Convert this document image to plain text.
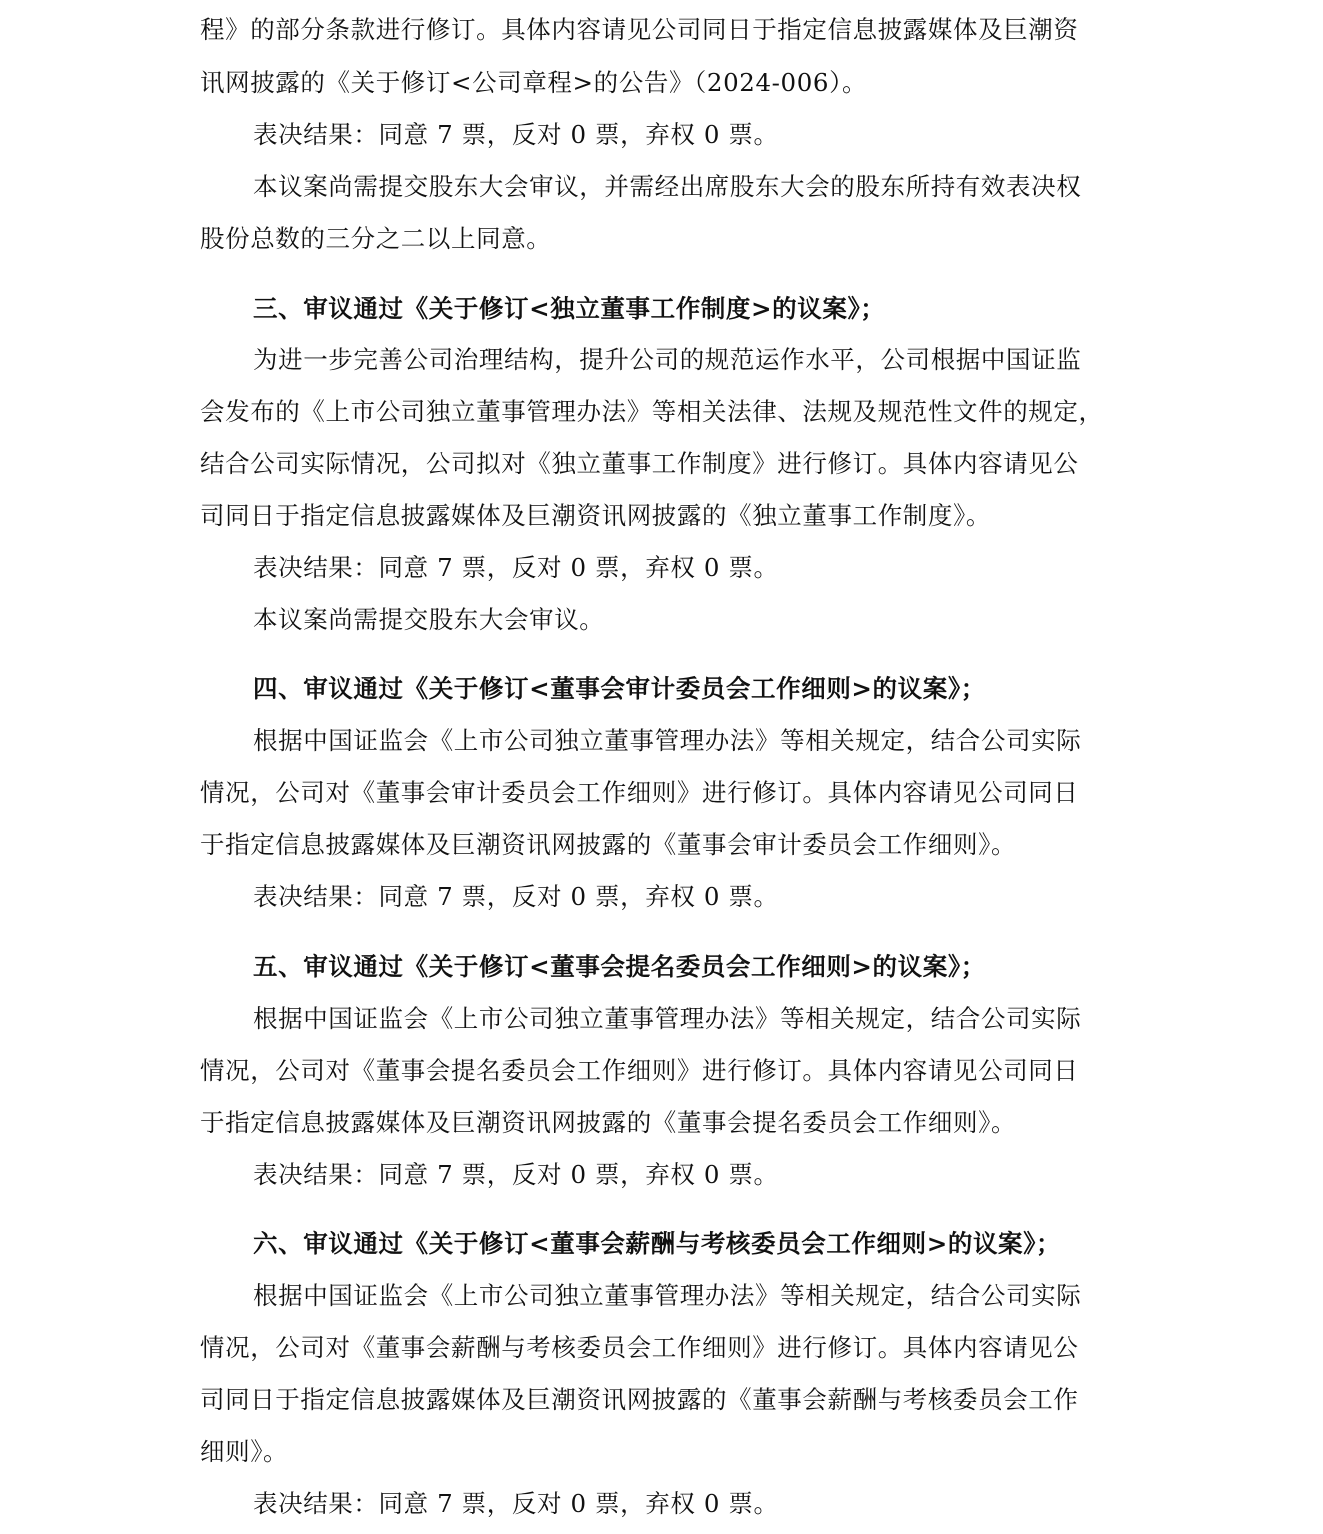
程》的部分条款进行修订。具体内容请见公司同日于指定信息披露媒体及巨潮资
讯网披露的《关于修订<公司章程>的公告》（2024-006）。
表决结果：同意 7 票，反对 0 票，弃权 0 票。
本议案尚需提交股东大会审议，并需经出席股东大会的股东所持有效表决权
股份总数的三分之二以上同意。
三、审议通过《关于修订<独立董事工作制度>的议案》；
为进一步完善公司治理结构，提升公司的规范运作水平，公司根据中国证监
会发布的《上市公司独立董事管理办法》等相关法律、法规及规范性文件的规定，
结合公司实际情况，公司拟对《独立董事工作制度》进行修订。具体内容请见公
司同日于指定信息披露媒体及巨潮资讯网披露的《独立董事工作制度》。
表决结果：同意 7 票，反对 0 票，弃权 0 票。
本议案尚需提交股东大会审议。
四、审议通过《关于修订<董事会审计委员会工作细则>的议案》；
根据中国证监会《上市公司独立董事管理办法》等相关规定，结合公司实际
情况，公司对《董事会审计委员会工作细则》进行修订。具体内容请见公司同日
于指定信息披露媒体及巨潮资讯网披露的《董事会审计委员会工作细则》。
表决结果：同意 7 票，反对 0 票，弃权 0 票。
五、审议通过《关于修订<董事会提名委员会工作细则>的议案》；
根据中国证监会《上市公司独立董事管理办法》等相关规定，结合公司实际
情况，公司对《董事会提名委员会工作细则》进行修订。具体内容请见公司同日
于指定信息披露媒体及巨潮资讯网披露的《董事会提名委员会工作细则》。
表决结果：同意 7 票，反对 0 票，弃权 0 票。
六、审议通过《关于修订<董事会薪酬与考核委员会工作细则>的议案》；
根据中国证监会《上市公司独立董事管理办法》等相关规定，结合公司实际
情况，公司对《董事会薪酬与考核委员会工作细则》进行修订。具体内容请见公
司同日于指定信息披露媒体及巨潮资讯网披露的《董事会薪酬与考核委员会工作
细则》。
表决结果：同意 7 票，反对 0 票，弃权 0 票。
